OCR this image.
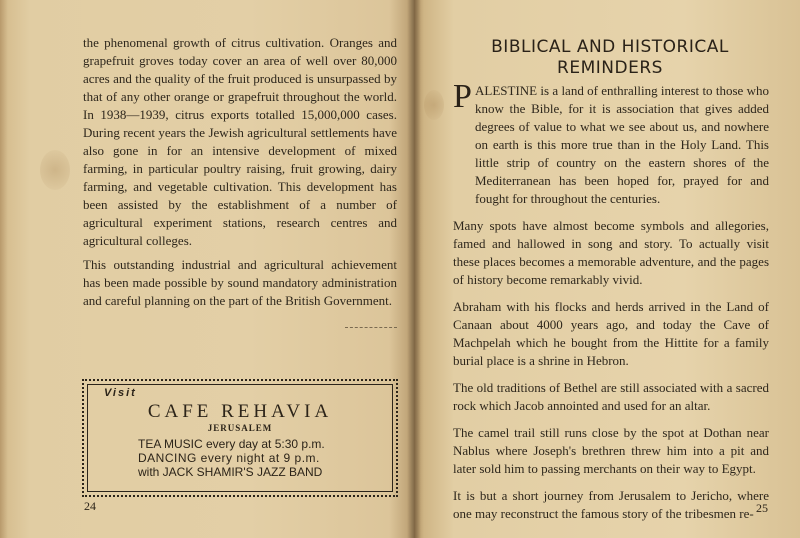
the phenomenal growth of citrus cultivation. Oranges and grapefruit groves today cover an area of well over 80,000 acres and the quality of the fruit produced is unsurpassed by that of any other orange or grapefruit throughout the world. In 1938—1939, citrus exports totalled 15,000,000 cases. During recent years the Jewish agricultural settlements have also gone in for an intensive development of mixed farming, in particular poultry raising, fruit growing, dairy farming, and vegetable cultivation. This development has been assisted by the establishment of a number of agricultural experiment stations, research centres and agricultural colleges.

This outstanding industrial and agricultural achievement has been made possible by sound mandatory administration and careful planning on the part of the British Government.

Visit
CAFE REHAVIA
JERUSALEM
TEA MUSIC every day at 5:30 p.m.
DANCING every night at 9 p.m.
with JACK SHAMIR'S JAZZ BAND
24
BIBLICAL AND HISTORICAL
REMINDERS
P ALESTINE is a land of enthralling interest to those who know the Bible, for it is association that gives added degrees of value to what we see about us, and nowhere on earth is this more true than in the Holy Land. This little strip of country on the eastern shores of the Mediterranean has been hoped for, prayed for and fought for throughout the centuries.

Many spots have almost become symbols and allegories, famed and hallowed in song and story. To actually visit these places becomes a memorable adventure, and the pages of history become remarkably vivid.

Abraham with his flocks and herds arrived in the Land of Canaan about 4000 years ago, and today the Cave of Machpelah which he bought from the Hittite for a family burial place is a shrine in Hebron.

The old traditions of Bethel are still associated with a sacred rock which Jacob annointed and used for an altar.

The camel trail still runs close by the spot at Dothan near Nablus where Joseph's brethren threw him into a pit and later sold him to passing merchants on their way to Egypt.

It is but a short journey from Jerusalem to Jericho, where one may reconstruct the famous story of the tribesmen re- 25
